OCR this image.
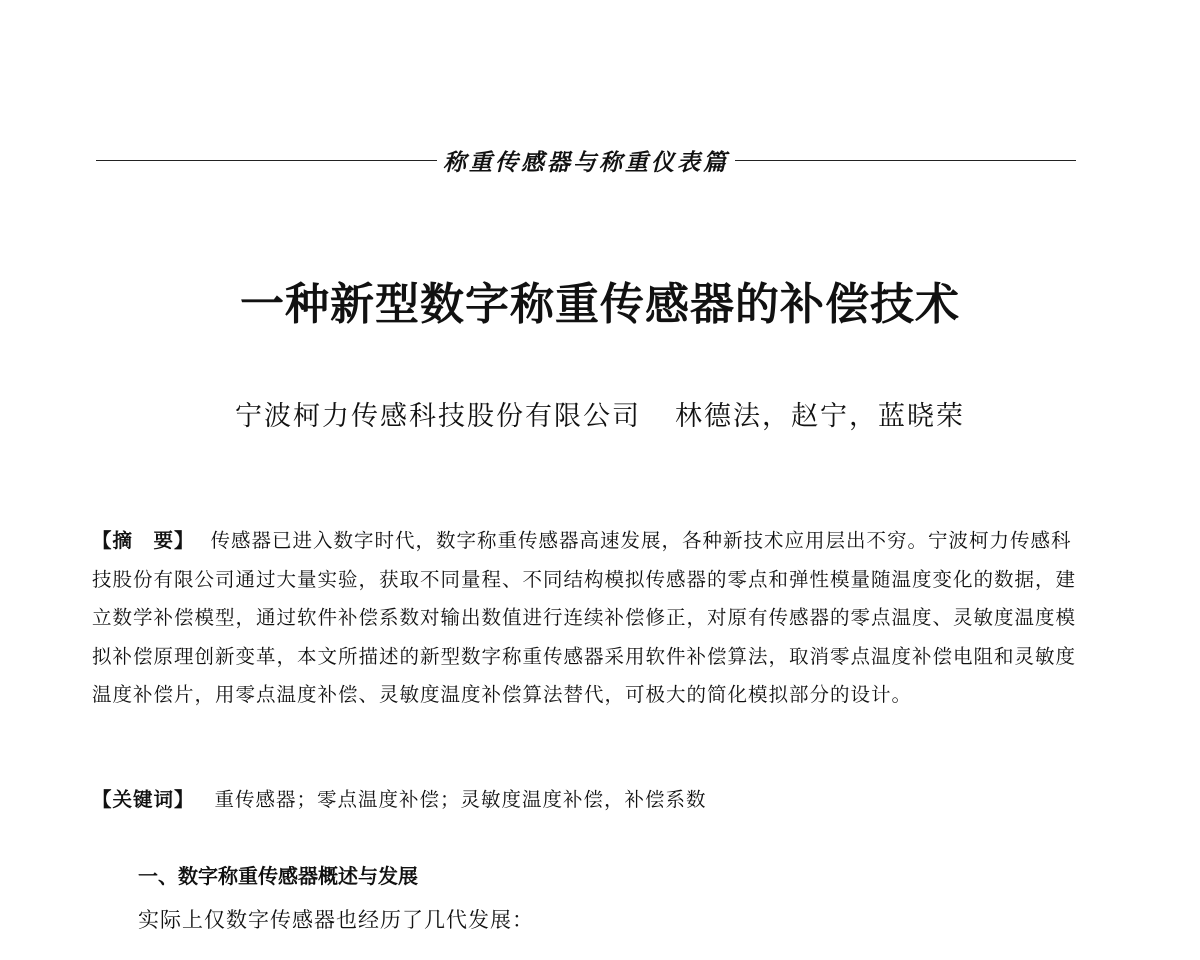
称重传感器与称重仪表篇
一种新型数字称重传感器的补偿技术
宁波柯力传感科技股份有限公司 林德法，赵宁，蓝晓荣
【摘　要】 传感器已进入数字时代，数字称重传感器高速发展，各种新技术应用层出不穷。宁波柯力传感科技股份有限公司通过大量实验，获取不同量程、不同结构模拟传感器的零点和弹性模量随温度变化的数据，建立数学补偿模型，通过软件补偿系数对输出数值进行连续补偿修正，对原有传感器的零点温度、灵敏度温度模拟补偿原理创新变革，本文所描述的新型数字称重传感器采用软件补偿算法，取消零点温度补偿电阻和灵敏度温度补偿片，用零点温度补偿、灵敏度温度补偿算法替代，可极大的简化模拟部分的设计。
【关键词】 重传感器；零点温度补偿；灵敏度温度补偿，补偿系数
一、数字称重传感器概述与发展
实际上仅数字传感器也经历了几代发展：
